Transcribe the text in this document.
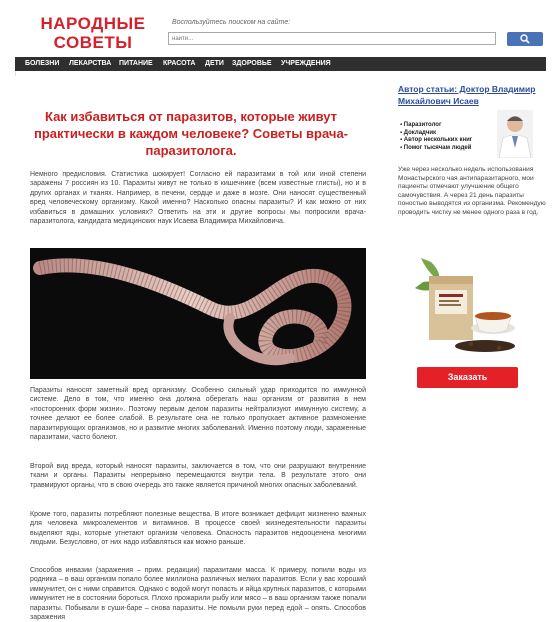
НАРОДНЫЕ
СОВЕТЫ
Воспользуйтесь поиском на сайте:
найти...
БОЛЕЗНИ ЛЕКАРСТВА ПИТАНИЕ КРАСОТА ДЕТИ ЗДОРОВЬЕ УЧРЕЖДЕНИЯ
Как избавиться от паразитов, которые живут практически в каждом человеке? Советы врача-паразитолога.
Немного предисловия. Статистика шокирует! Согласно ей паразитами в той или иной степени заражены 7 россиян из 10. Паразиты живут не только в кишечнике (всем известные глисты), но и в других органах и тканях. Например, в печени, сердце и даже в мозге. Они наносят существенный вред человеческому организму. Какой именно? Насколько опасны паразиты? И как можно от них избавиться в домашних условиях? Ответить на эти и другие вопросы мы попросили врача-паразитолога, кандидата медицинских наук Исаева Владимира Михайловича.
Паразиты наносят заметный вред организму. Особенно сильный удар приходится по иммунной системе. Дело в том, что именно она должна оберегать наш организм от развития в нем «посторонних форм жизни». Поэтому первым делом паразиты нейтрализуют иммунную систему, а точнее делают ее более слабой. В результате она не только пропускает активное размножение паразитирующих организмов, но и развитие многих заболеваний. Именно поэтому люди, зараженные паразитами, часто болеют.
Второй вид вреда, который наносят паразиты, заключается в том, что они разрушают внутренние ткани и органы. Паразиты непрерывно перемещаются внутри тела. В результате этого они травмируют органы, что в свою очередь это также является причиной многих опасных заболеваний.
Кроме того, паразиты потребляют полезные вещества. В итоге возникает дефицит жизненно важных для человека микроэлементов и витаминов. В процессе своей жизнедеятельности паразиты выделяют яды, которые угнетают организм человека. Опасность паразитов недооценена многими людьми. Безусловно, от них надо избавляться как можно раньше.
Способов инвазии (заражения – прим. редакции) паразитами масса. К примеру, попили воды из родника – в ваш организм попало более миллиона различных мелких паразитов. Если у вас хороший иммунитет, он с ними справится. Однако с водой могут попасть и яйца крупных паразитов, с которыми иммунитет не в состоянии бороться. Плохо прожарили рыбу или мясо – в ваш организм также попали паразиты. Побывали в суши-баре – снова паразиты. Не помыли руки перед едой – опять. Способов заражения
Автор статьи: Доктор Владимир Михайлович Исаев
▪ Паразитолог
▪ Докладчик
▪ Автор нескольких книг
▪ Помог тысячам людей
Уже через несколько недель использования Монастырского чая антипаразитарного, мои пациенты отмечают улучшение общего самочувствия. А через 21 день паразиты поностью выводятся из организма. Рекомендую проводить чистку не менее одного раза в год.
Заказать
